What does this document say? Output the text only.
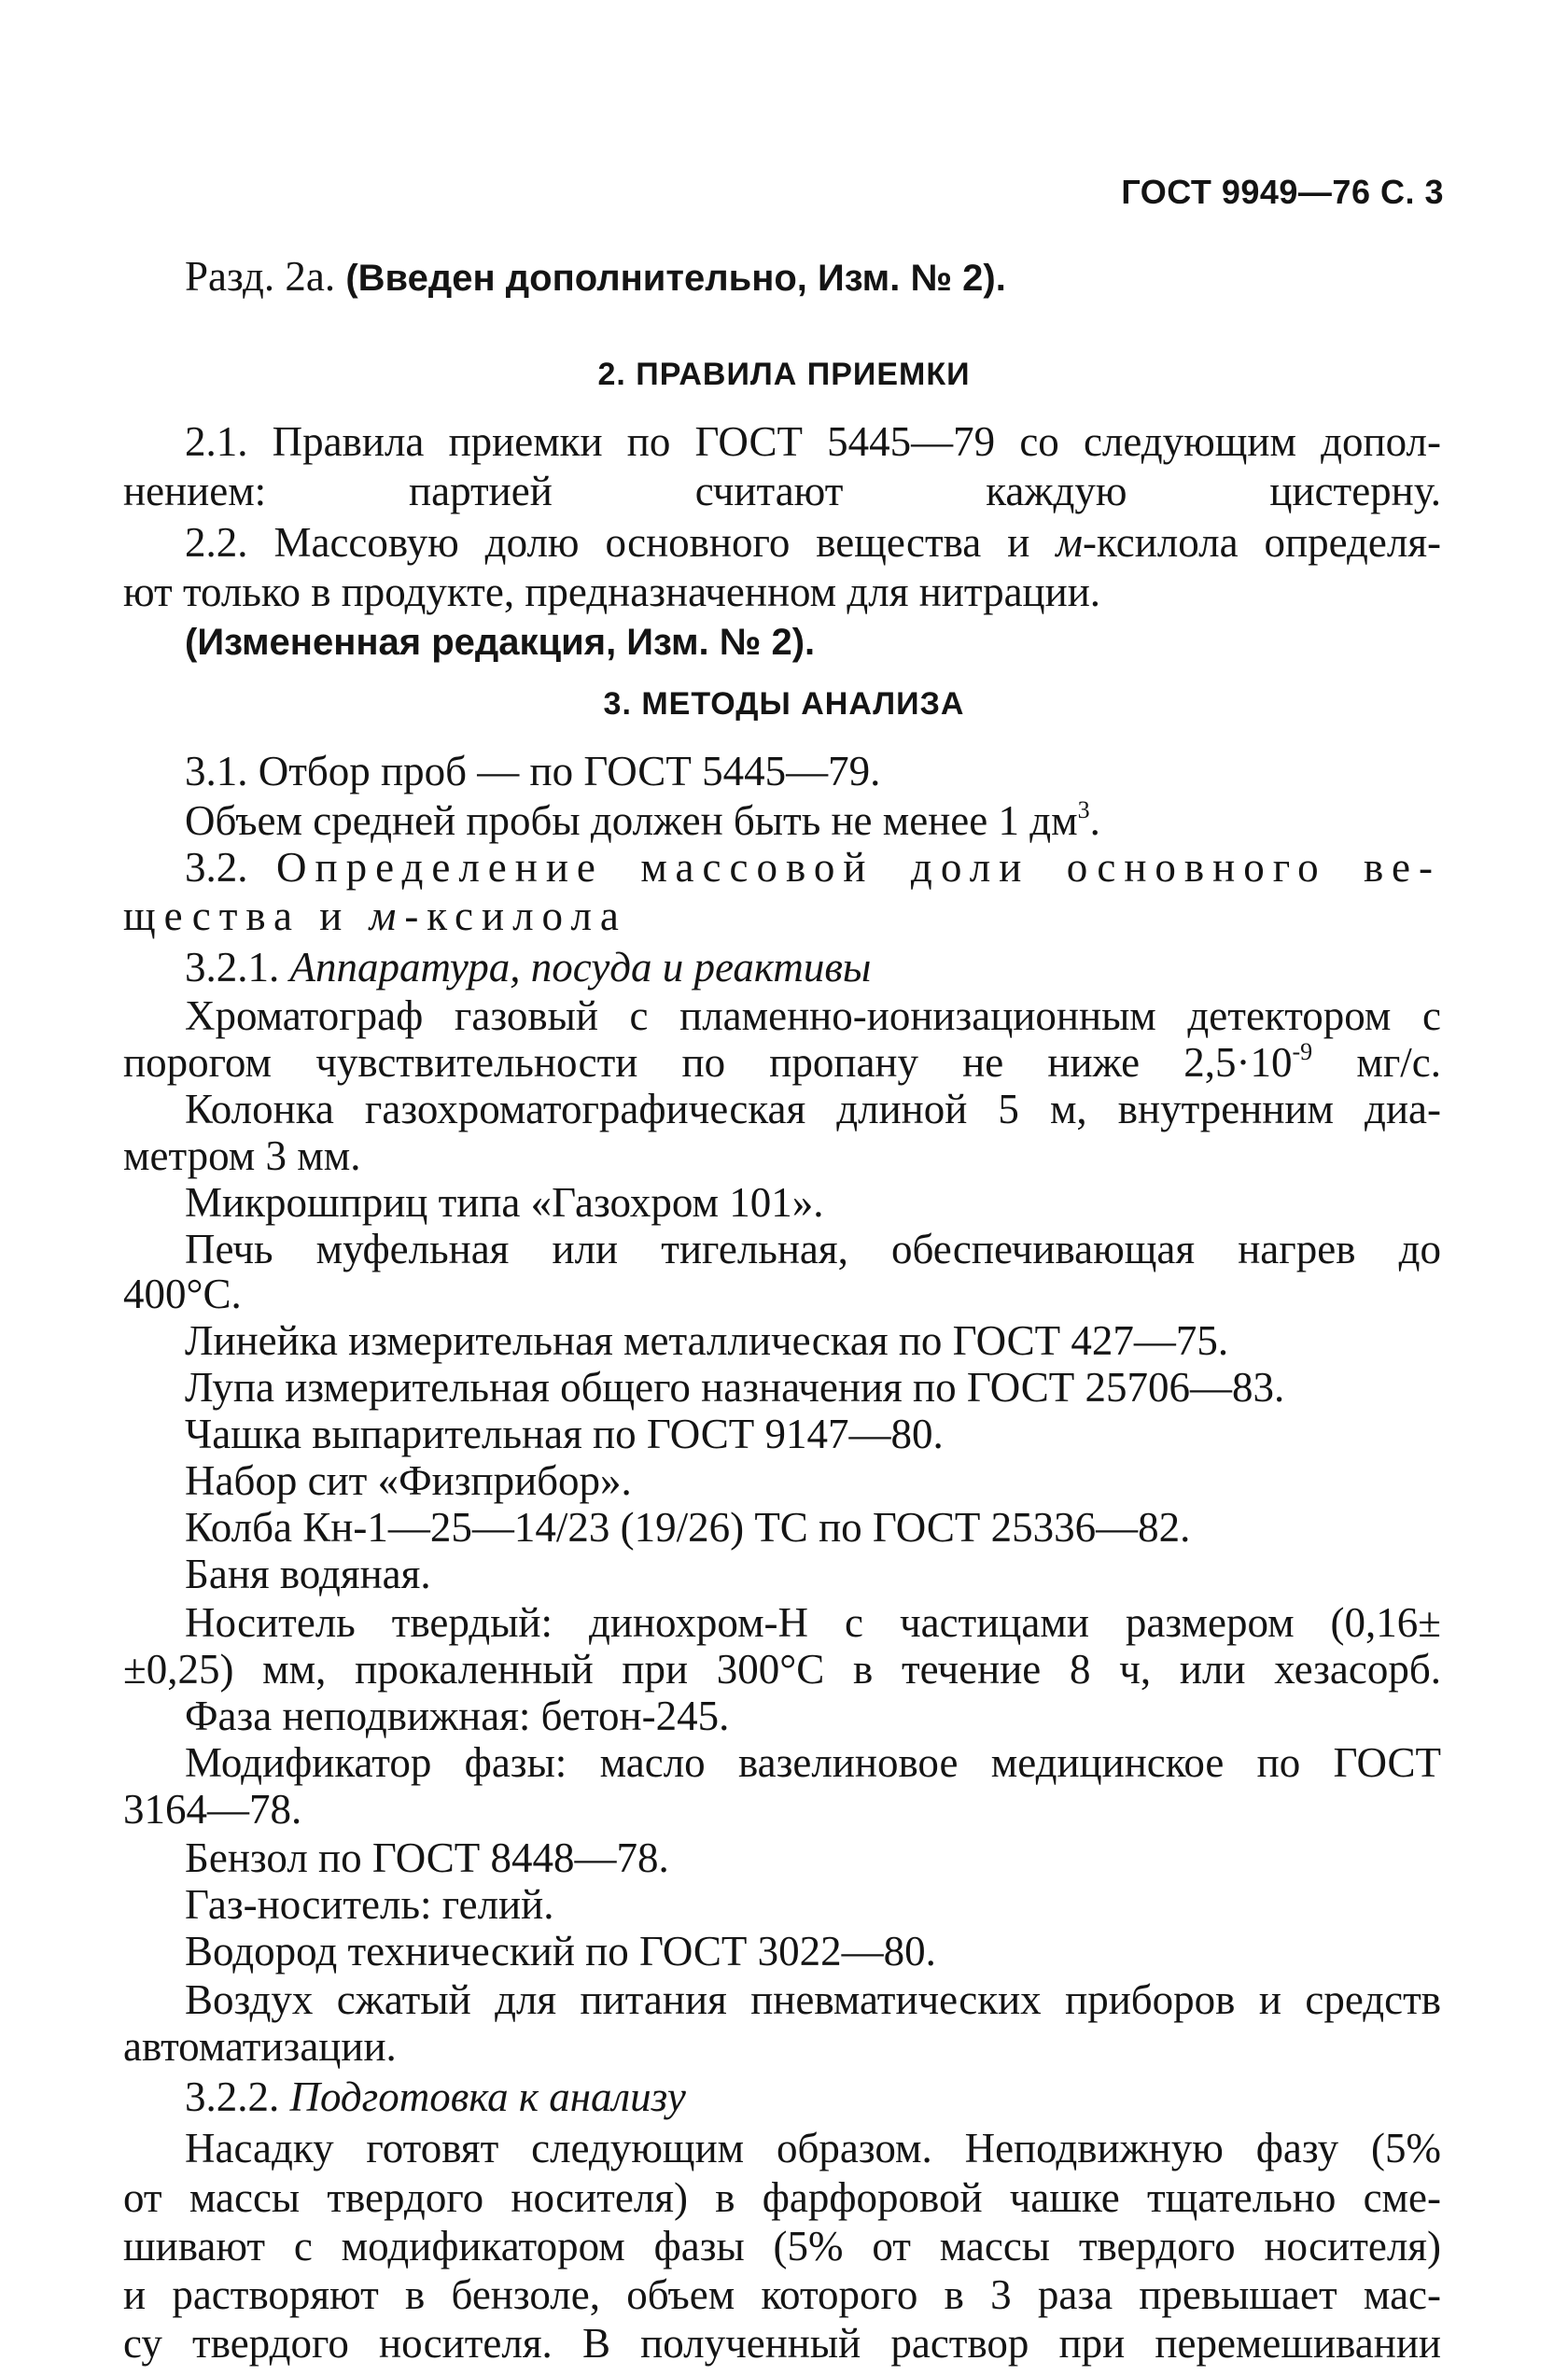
ГОСТ 9949—76 С. 3
Разд. 2а. (Введен дополнительно, Изм. № 2).
2. ПРАВИЛА ПРИЕМКИ
2.1. Правила приемки по ГОСТ 5445—79 со следующим допол-
нением: партией считают каждую цистерну.
2.2. Массовую долю основного вещества и м-ксилола определя-
ют только в продукте, предназначенном для нитрации.
(Измененная редакция, Изм. № 2).
3. МЕТОДЫ АНАЛИЗА
3.1. Отбор проб — по ГОСТ 5445—79.
Объем средней пробы должен быть не менее 1 $дм^3$.
3.2. Определение массовой доли основного ве-
щества и м-ксилола
3.2.1. Аппаратура, посуда и реактивы
Хроматограф газовый с пламенно-ионизационным детектором с
порогом чувствительности по пропану не ниже $2,5\cdot 10^{-9}$ мг/с.
Колонка газохроматографическая длиной 5 м, внутренним диа-
метром 3 мм.
Микрошприц типа «Газохром 101».
Печь муфельная или тигельная, обеспечивающая нагрев до
400°С.
Линейка измерительная металлическая по ГОСТ 427—75.
Лупа измерительная общего назначения по ГОСТ 25706—83.
Чашка выпарительная по ГОСТ 9147—80.
Набор сит «Физприбор».
Колба Кн-1—25—14/23 (19/26) ТС по ГОСТ 25336—82.
Баня водяная.
Носитель твердый: динохром-Н с частицами размером (0,16±
±0,25) мм, прокаленный при 300°С в течение 8 ч, или хезасорб.
Фаза неподвижная: бетон-245.
Модификатор фазы: масло вазелиновое медицинское по ГОСТ
3164—78.
Бензол по ГОСТ 8448—78.
Газ-носитель: гелий.
Водород технический по ГОСТ 3022—80.
Воздух сжатый для питания пневматических приборов и средств
автоматизации.
3.2.2. Подготовка к анализу
Насадку готовят следующим образом. Неподвижную фазу (5%
от массы твердого носителя) в фарфоровой чашке тщательно сме-
шивают с модификатором фазы (5% от массы твердого носителя)
и растворяют в бензоле, объем которого в 3 раза превышает мас-
су твердого носителя. В полученный раствор при перемешивании
